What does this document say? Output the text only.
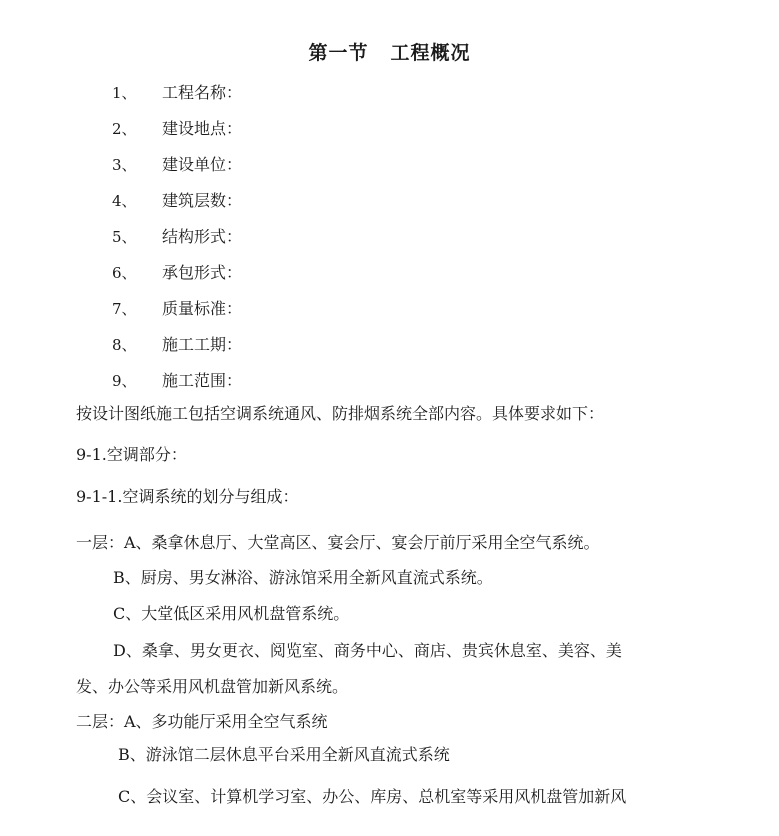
第一节 工程概况
1、 工程名称：
2、 建设地点：
3、 建设单位：
4、 建筑层数：
5、 结构形式：
6、 承包形式：
7、 质量标准：
8、 施工工期：
9、 施工范围：
按设计图纸施工包括空调系统通风、防排烟系统全部内容。具体要求如下：
9-1.空调部分：
9-1-1.空调系统的划分与组成：
一层：A、桑拿休息厅、大堂高区、宴会厅、宴会厅前厅采用全空气系统。
B、厨房、男女淋浴、游泳馆采用全新风直流式系统。
C、大堂低区采用风机盘管系统。
D、桑拿、男女更衣、阅览室、商务中心、商店、贵宾休息室、美容、美
发、办公等采用风机盘管加新风系统。
二层：A、多功能厅采用全空气系统
B、游泳馆二层休息平台采用全新风直流式系统
C、会议室、计算机学习室、办公、库房、总机室等采用风机盘管加新风
